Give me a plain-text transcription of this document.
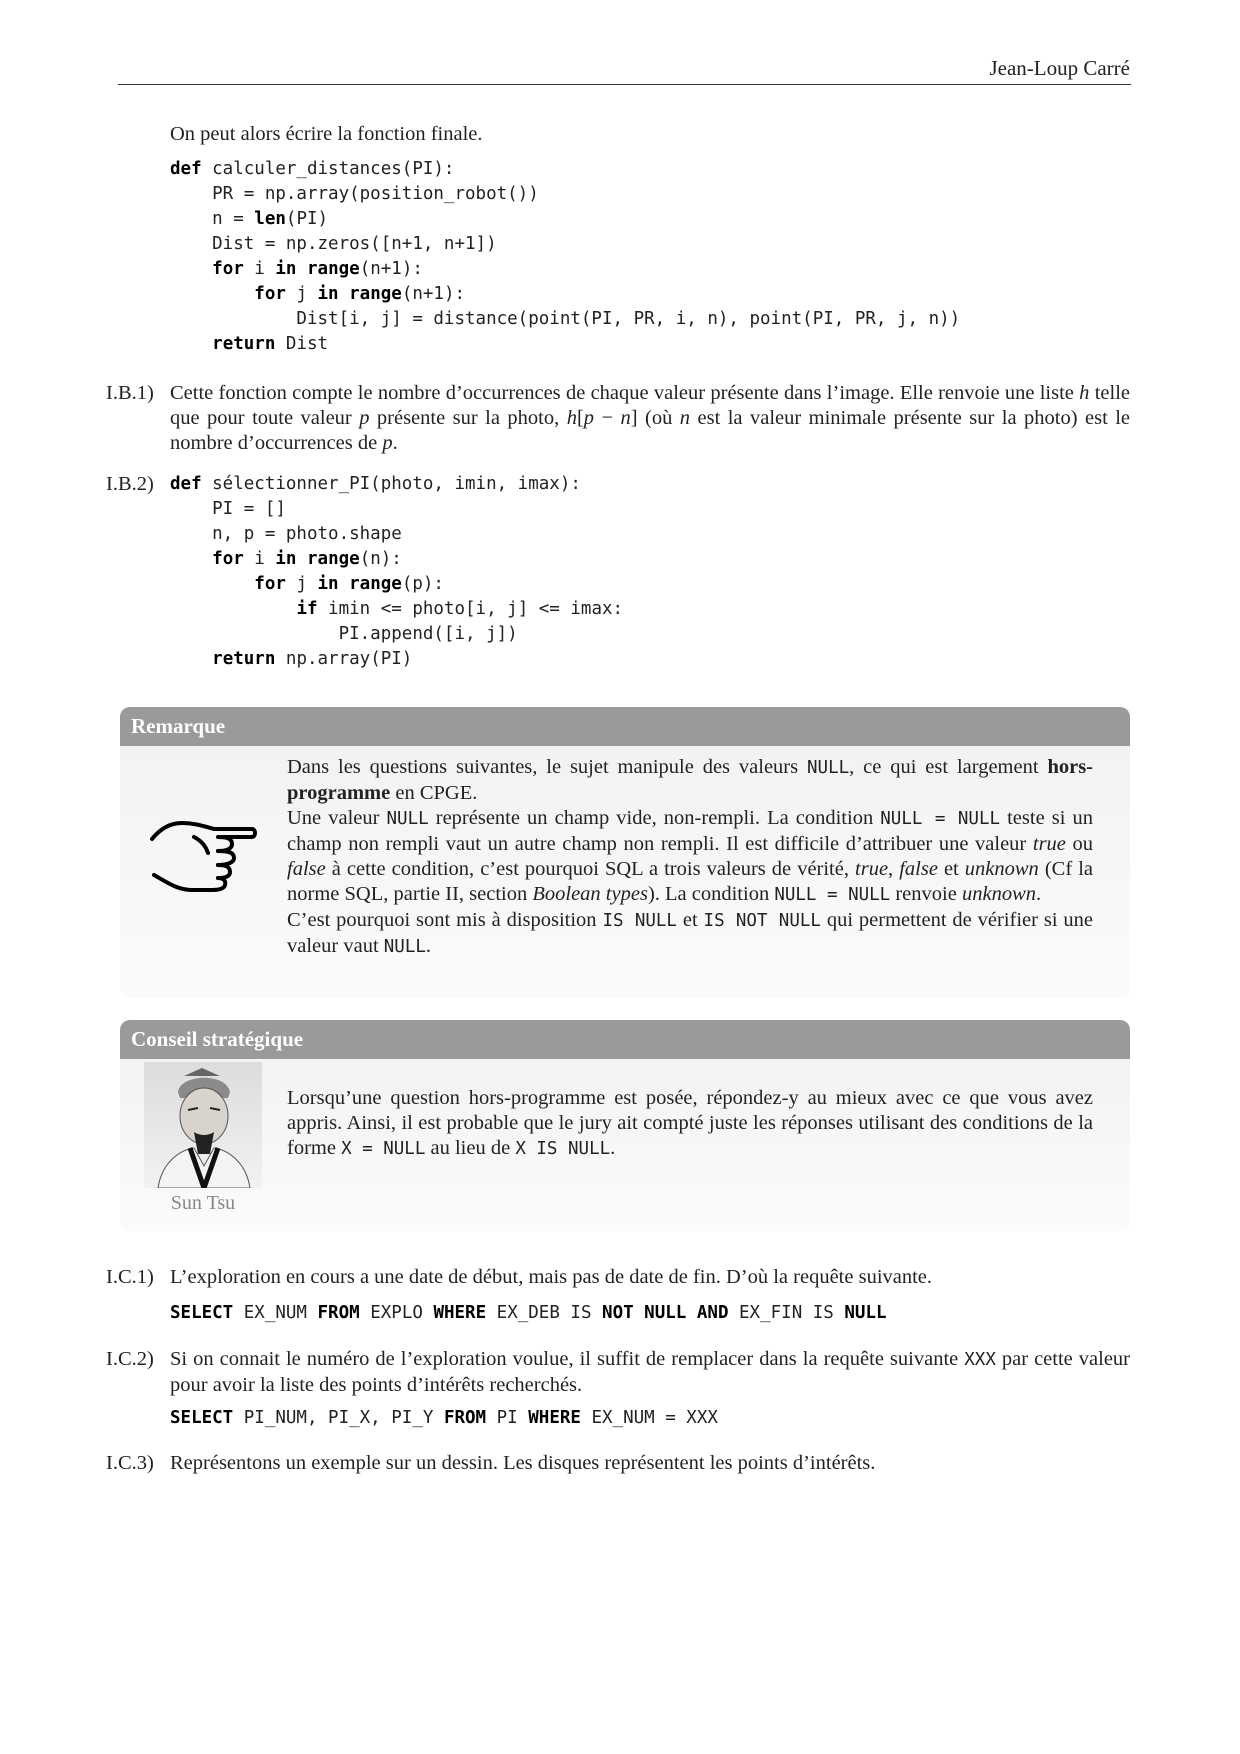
Jean-Loup Carré
On peut alors écrire la fonction finale.
def calculer_distances(PI):
PR = np.array(position_robot())
n = len(PI)
Dist = np.zeros([n+1, n+1])
for i in range(n+1):
for j in range(n+1):
Dist[i, j] = distance(point(PI, PR, i, n), point(PI, PR, j, n))
return Dist
I.B.1) Cette fonction compte le nombre d’occurrences de chaque valeur présente dans l’image. Elle renvoie une liste h telle que pour toute valeur p présente sur la photo, h[p − n] (où n est la valeur minimale présente sur la photo) est le nombre d’occurrences de p.
I.B.2) def sélectionner_PI(photo, imin, imax):
PI = []
n, p = photo.shape
for i in range(n):
for j in range(p):
if imin <= photo[i, j] <= imax:
PI.append([i, j])
return np.array(PI)
Remarque
Dans les questions suivantes, le sujet manipule des valeurs NULL, ce qui est largement hors-programme en CPGE.
Une valeur NULL représente un champ vide, non-rempli. La condition NULL = NULL teste si un champ non rempli vaut un autre champ non rempli. Il est difficile d’attribuer une valeur true ou false à cette condition, c’est pourquoi SQL a trois valeurs de vérité, true, false et unknown (Cf la norme SQL, partie II, section Boolean types). La condition NULL = NULL renvoie unknown.
C’est pourquoi sont mis à disposition IS NULL et IS NOT NULL qui permettent de vérifier si une valeur vaut NULL.
Conseil stratégique
Sun Tsu
Lorsqu’une question hors-programme est posée, répondez-y au mieux avec ce que vous avez appris. Ainsi, il est probable que le jury ait compté juste les réponses utilisant des conditions de la forme X = NULL au lieu de X IS NULL.
I.C.1) L’exploration en cours a une date de début, mais pas de date de fin. D’où la requête suivante.
SELECT EX_NUM FROM EXPLO WHERE EX_DEB IS NOT NULL AND EX_FIN IS NULL
I.C.2) Si on connait le numéro de l’exploration voulue, il suffit de remplacer dans la requête suivante XXX par cette valeur pour avoir la liste des points d’intérêts recherchés.
SELECT PI_NUM, PI_X, PI_Y FROM PI WHERE EX_NUM = XXX
I.C.3) Représentons un exemple sur un dessin. Les disques représentent les points d’intérêts.
